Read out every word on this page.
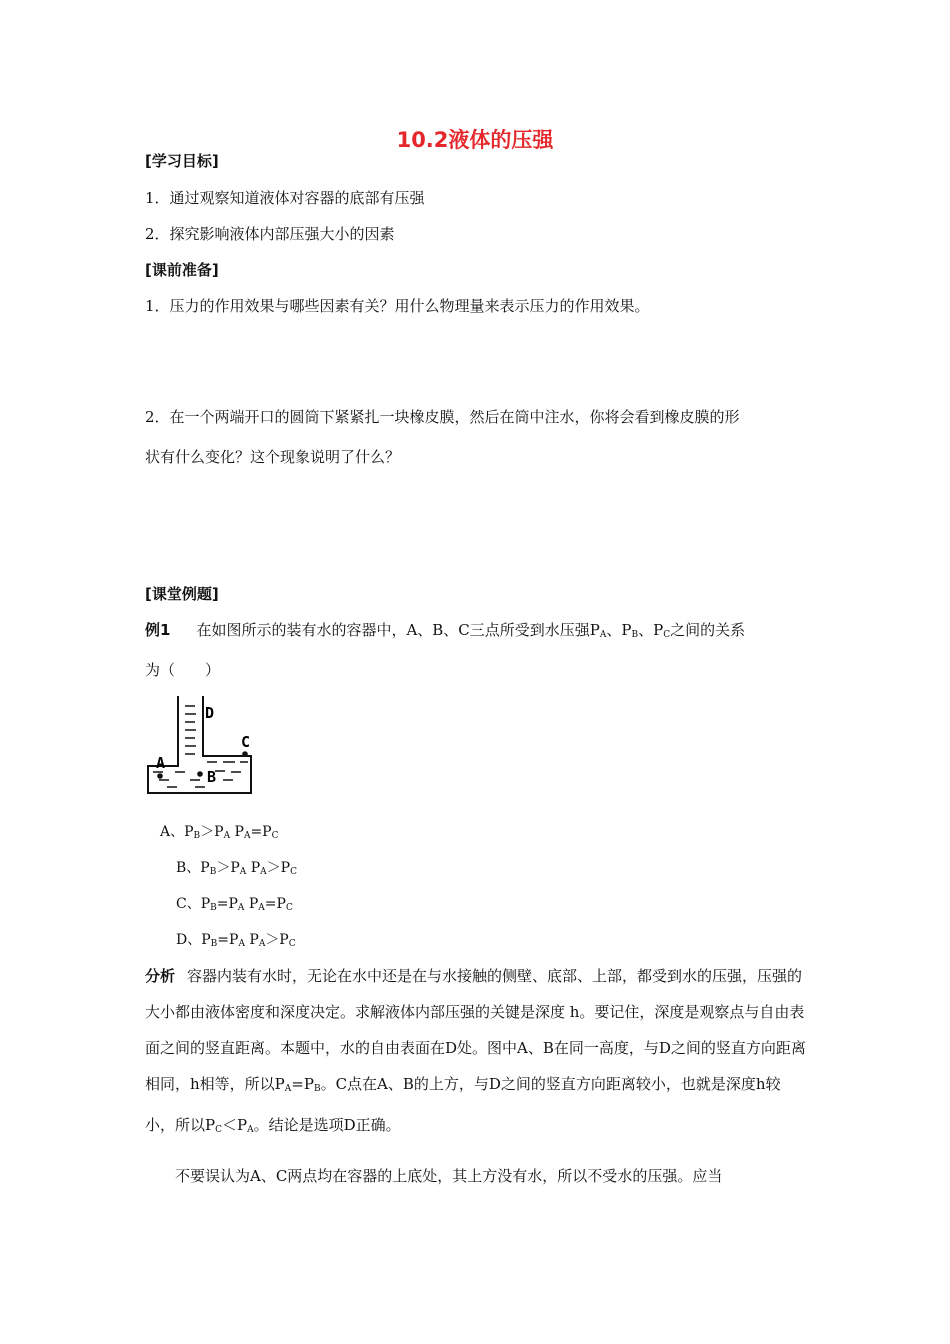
10.2液体的压强
[学习目标]
1．通过观察知道液体对容器的底部有压强
2．探究影响液体内部压强大小的因素
[课前准备]
1．压力的作用效果与哪些因素有关？用什么物理量来表示压力的作用效果。
2．在一个两端开口的圆筒下紧紧扎一块橡皮膜，然后在筒中注水，你将会看到橡皮膜的形
状有什么变化？这个现象说明了什么？
[课堂例题]
例1 在如图所示的装有水的容器中，A、B、C三点所受到水压强$P_A$、$P_B$、$P_C$之间的关系
为（　　）
D
C
A
B
A、$P_B>P_A$ $P_A=P_C$
B、$P_B>P_A$ $P_A>P_C$
C、$P_B=P_A$ $P_A=P_C$
D、$P_B=P_A$ $P_A>P_C$
分析 容器内装有水时，无论在水中还是在与水接触的侧壁、底部、上部，都受到水的压强，压强的大小都由液体密度和深度决定。求解液体内部压强的关键是深度 h。要记住，深度是观察点与自由表面之间的竖直距离。本题中，水的自由表面在D处。图中A、B在同一高度，与D之间的竖直方向距离相同，h相等，所以$P_A=P_B$。C点在A、B的上方，与D之间的竖直方向距离较小，也就是深度h较小，所以$P_C<P_A$。结论是选项D正确。
不要误认为A、C两点均在容器的上底处，其上方没有水，所以不受水的压强。应当
